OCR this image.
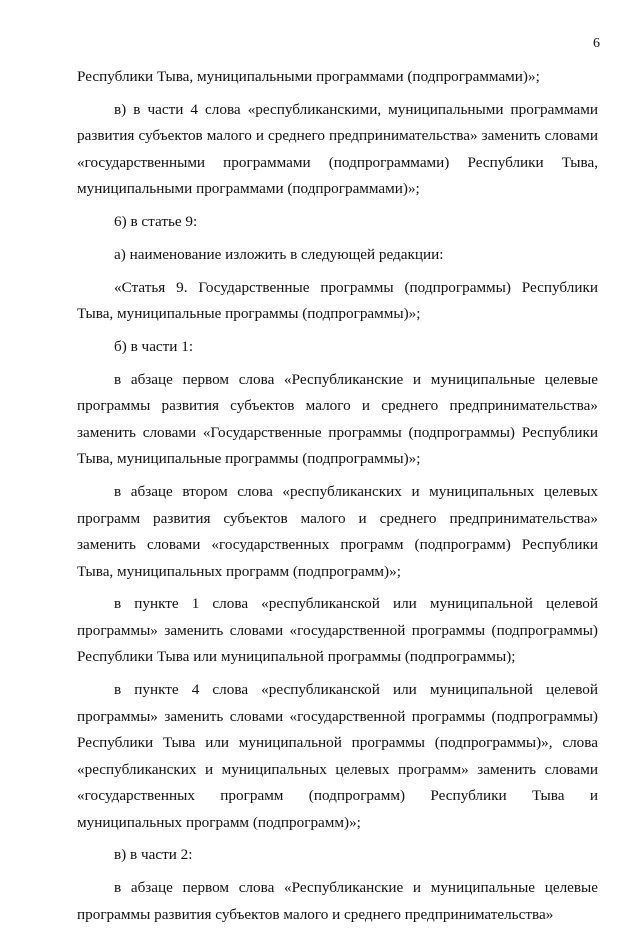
6
Республики Тыва, муниципальными программами (подпрограммами)»;
в) в части 4 слова «республиканскими, муниципальными программами
развития субъектов малого и среднего предпринимательства» заменить словами
«государственными программами (подпрограммами) Республики Тыва,
муниципальными программами (подпрограммами)»;
6) в статье 9:
а) наименование изложить в следующей редакции:
«Статья 9. Государственные программы (подпрограммы) Республики
Тыва, муниципальные программы (подпрограммы)»;
б) в части 1:
в абзаце первом слова «Республиканские и муниципальные целевые
программы развития субъектов малого и среднего предпринимательства»
заменить словами «Государственные программы (подпрограммы) Республики
Тыва, муниципальные программы (подпрограммы)»;
в абзаце втором слова «республиканских и муниципальных целевых
программ развития субъектов малого и среднего предпринимательства»
заменить словами «государственных программ (подпрограмм) Республики
Тыва, муниципальных программ (подпрограмм)»;
в пункте 1 слова «республиканской или муниципальной целевой
программы» заменить словами «государственной программы (подпрограммы)
Республики Тыва или муниципальной программы (подпрограммы);
в пункте 4 слова «республиканской или муниципальной целевой
программы» заменить словами «государственной программы (подпрограммы)
Республики Тыва или муниципальной программы (подпрограммы)», слова
«республиканских и муниципальных целевых программ» заменить словами
«государственных программ (подпрограмм) Республики Тыва и
муниципальных программ (подпрограмм)»;
в) в части 2:
в абзаце первом слова «Республиканские и муниципальные целевые
программы развития субъектов малого и среднего предпринимательства»
